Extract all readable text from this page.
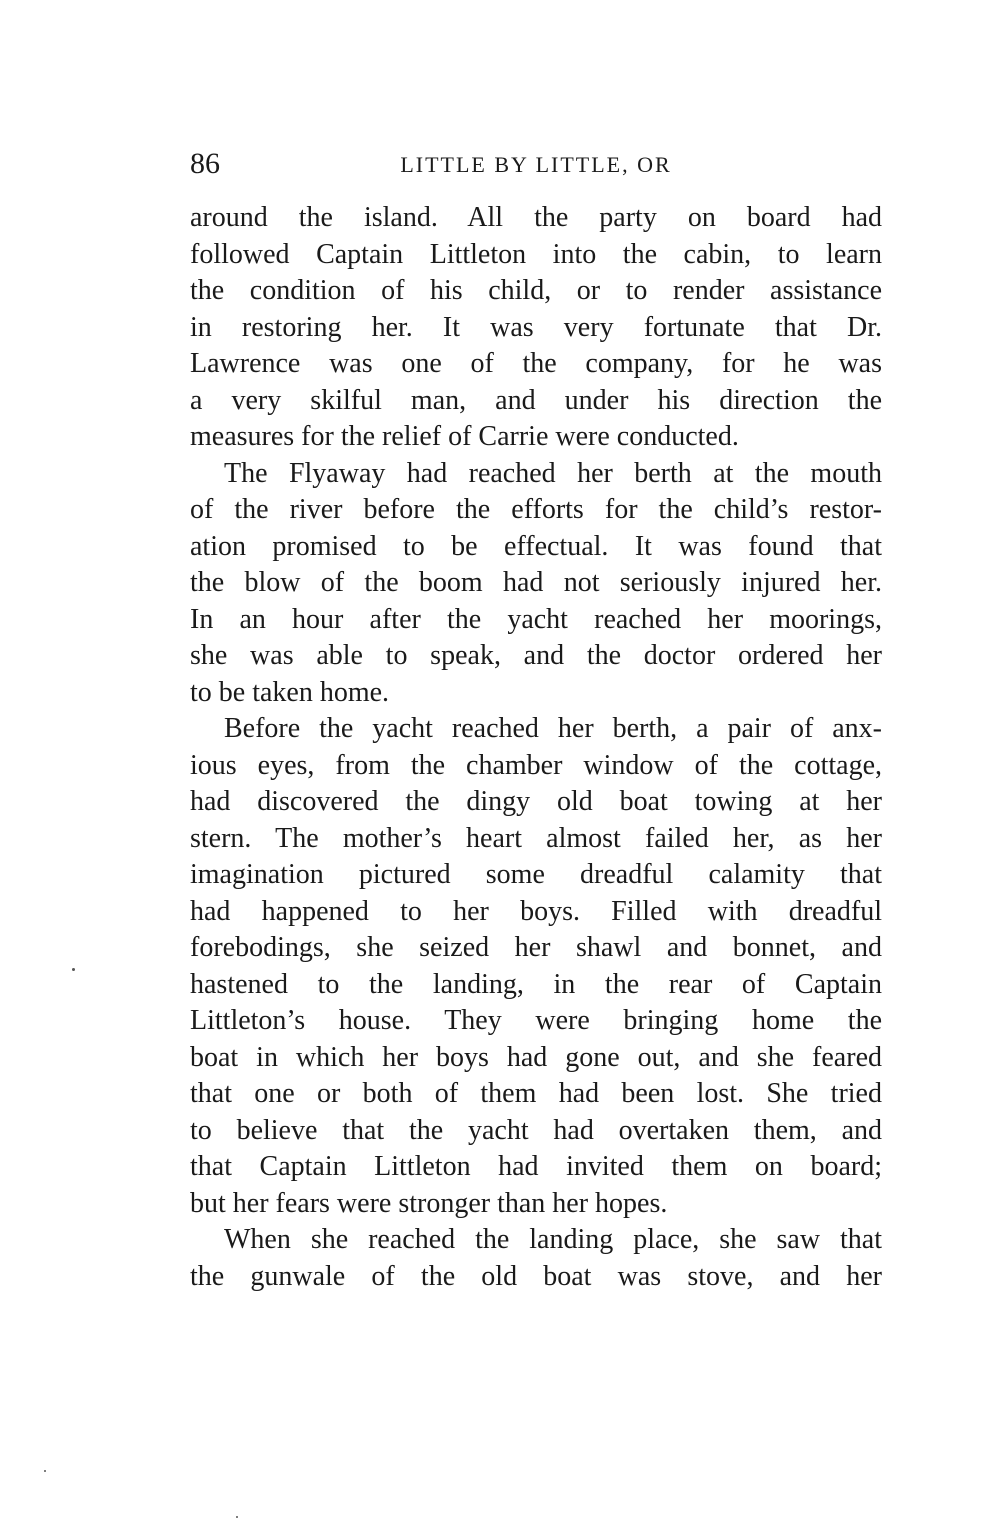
86	LITTLE BY LITTLE, OR

around the island. All the party on board had
followed Captain Littleton into the cabin, to learn
the condition of his child, or to render assistance
in restoring her. It was very fortunate that Dr.
Lawrence was one of the company, for he was
a very skilful man, and under his direction the
measures for the relief of Carrie were conducted.

The Flyaway had reached her berth at the mouth
of the river before the efforts for the child’s restor-
ation promised to be effectual. It was found that
the blow of the boom had not seriously injured her.
In an hour after the yacht reached her moorings,
she was able to speak, and the doctor ordered her
to be taken home.

Before the yacht reached her berth, a pair of anx-
ious eyes, from the chamber window of the cottage,
had discovered the dingy old boat towing at her
stern. The mother’s heart almost failed her, as her
imagination pictured some dreadful calamity that
had happened to her boys. Filled with dreadful
forebodings, she seized her shawl and bonnet, and
hastened to the landing, in the rear of Captain
Littleton’s house. They were bringing home the
boat in which her boys had gone out, and she feared
that one or both of them had been lost. She tried
to believe that the yacht had overtaken them, and
that Captain Littleton had invited them on board;
but her fears were stronger than her hopes.

When she reached the landing place, she saw that
the gunwale of the old boat was stove, and her
